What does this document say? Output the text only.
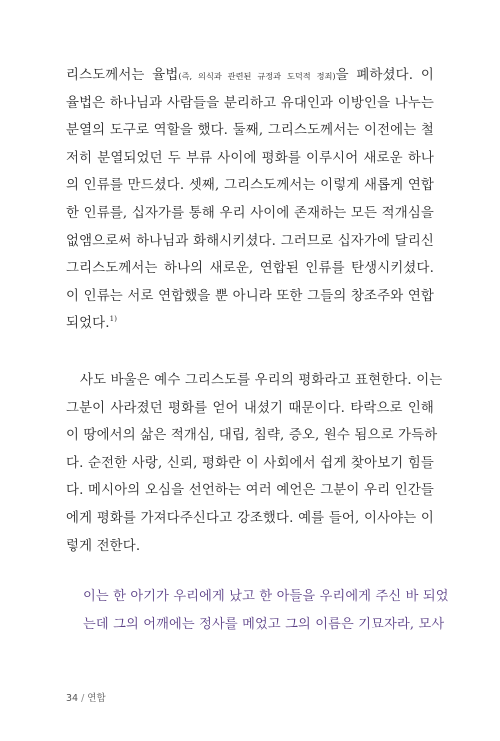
리스도께서는 율법(즉, 의식과 관련된 규정과 도덕적 정죄)을 폐하셨다. 이
율법은 하나님과 사람들을 분리하고 유대인과 이방인을 나누는
분열의 도구로 역할을 했다. 둘째, 그리스도께서는 이전에는 철
저히 분열되었던 두 부류 사이에 평화를 이루시어 새로운 하나
의 인류를 만드셨다. 셋째, 그리스도께서는 이렇게 새롭게 연합
한 인류를, 십자가를 통해 우리 사이에 존재하는 모든 적개심을
없앰으로써 하나님과 화해시키셨다. 그러므로 십자가에 달리신
그리스도께서는 하나의 새로운, 연합된 인류를 탄생시키셨다.
이 인류는 서로 연합했을 뿐 아니라 또한 그들의 창조주와 연합
되었다.$^{1)}$
사도 바울은 예수 그리스도를 우리의 평화라고 표현한다. 이는
그분이 사라졌던 평화를 얻어 내셨기 때문이다. 타락으로 인해
이 땅에서의 삶은 적개심, 대립, 침략, 증오, 원수 됨으로 가득하
다. 순전한 사랑, 신뢰, 평화란 이 사회에서 쉽게 찾아보기 힘들
다. 메시아의 오심을 선언하는 여러 예언은 그분이 우리 인간들
에게 평화를 가져다주신다고 강조했다. 예를 들어, 이사야는 이
렇게 전한다.
이는 한 아기가 우리에게 났고 한 아들을 우리에게 주신 바 되었
는데 그의 어깨에는 정사를 메었고 그의 이름은 기묘자라, 모사
34 / 연합
